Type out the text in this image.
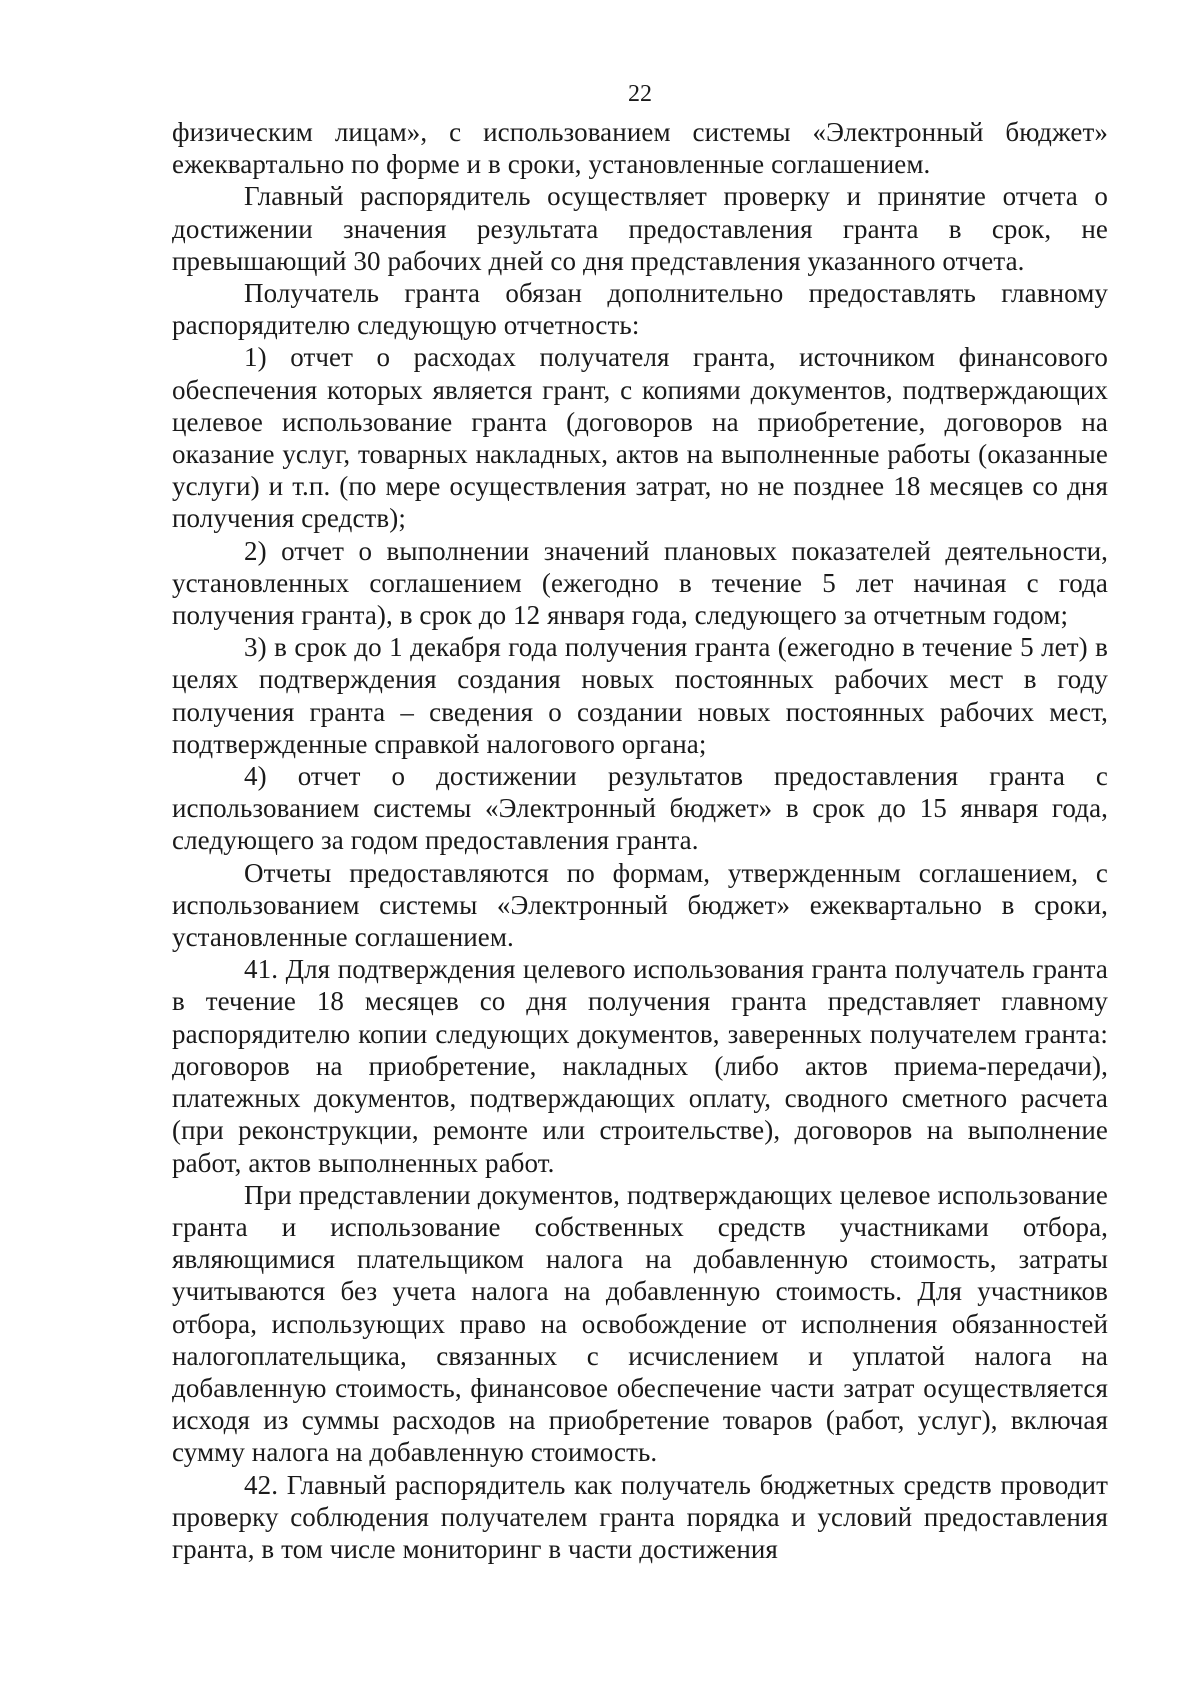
22

физическим лицам», с использованием системы «Электронный бюджет» ежеквартально по форме и в сроки, установленные соглашением.

Главный распорядитель осуществляет проверку и принятие отчета о достижении значения результата предоставления гранта в срок, не превышающий 30 рабочих дней со дня представления указанного отчета.

Получатель гранта обязан дополнительно предоставлять главному распорядителю следующую отчетность:

1) отчет о расходах получателя гранта, источником финансового обеспечения которых является грант, с копиями документов, подтверждающих целевое использование гранта (договоров на приобретение, договоров на оказание услуг, товарных накладных, актов на выполненные работы (оказанные услуги) и т.п. (по мере осуществления затрат, но не позднее 18 месяцев со дня получения средств);

2) отчет о выполнении значений плановых показателей деятельности, установленных соглашением (ежегодно в течение 5 лет начиная с года получения гранта), в срок до 12 января года, следующего за отчетным годом;

3) в срок до 1 декабря года получения гранта (ежегодно в течение 5 лет) в целях подтверждения создания новых постоянных рабочих мест в году получения гранта – сведения о создании новых постоянных рабочих мест, подтвержденные справкой налогового органа;

4) отчет о достижении результатов предоставления гранта с использованием системы «Электронный бюджет» в срок до 15 января года, следующего за годом предоставления гранта.

Отчеты предоставляются по формам, утвержденным соглашением, с использованием системы «Электронный бюджет» ежеквартально в сроки, установленные соглашением.

41. Для подтверждения целевого использования гранта получатель гранта в течение 18 месяцев со дня получения гранта представляет главному распорядителю копии следующих документов, заверенных получателем гранта: договоров на приобретение, накладных (либо актов приема-передачи), платежных документов, подтверждающих оплату, сводного сметного расчета (при реконструкции, ремонте или строительстве), договоров на выполнение работ, актов выполненных работ.

При представлении документов, подтверждающих целевое использование гранта и использование собственных средств участниками отбора, являющимися плательщиком налога на добавленную стоимость, затраты учитываются без учета налога на добавленную стоимость. Для участников отбора, использующих право на освобождение от исполнения обязанностей налогоплательщика, связанных с исчислением и уплатой налога на добавленную стоимость, финансовое обеспечение части затрат осуществляется исходя из суммы расходов на приобретение товаров (работ, услуг), включая сумму налога на добавленную стоимость.

42. Главный распорядитель как получатель бюджетных средств проводит проверку соблюдения получателем гранта порядка и условий предоставления гранта, в том числе мониторинг в части достижения
